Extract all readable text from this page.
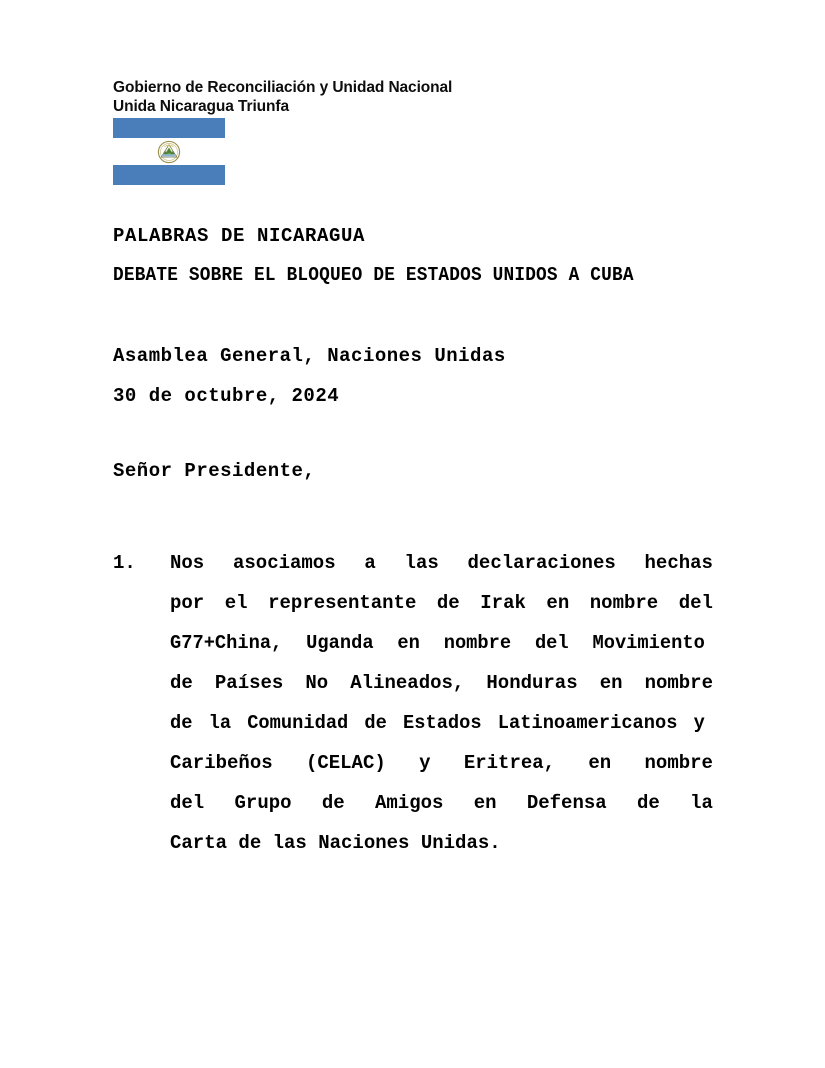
Gobierno de Reconciliación y Unidad Nacional
Unida Nicaragua Triunfa
PALABRAS DE NICARAGUA
DEBATE SOBRE EL BLOQUEO DE ESTADOS UNIDOS A CUBA
Asamblea General, Naciones Unidas
30 de octubre, 2024
Señor Presidente,
1. Nos asociamos a las declaraciones hechas
por el representante de Irak en nombre del
G77+China, Uganda en nombre del Movimiento
de Países No Alineados, Honduras en nombre
de la Comunidad de Estados Latinoamericanos y
Caribeños (CELAC) y Eritrea, en nombre
del Grupo de Amigos en Defensa de la
Carta de las Naciones Unidas.
